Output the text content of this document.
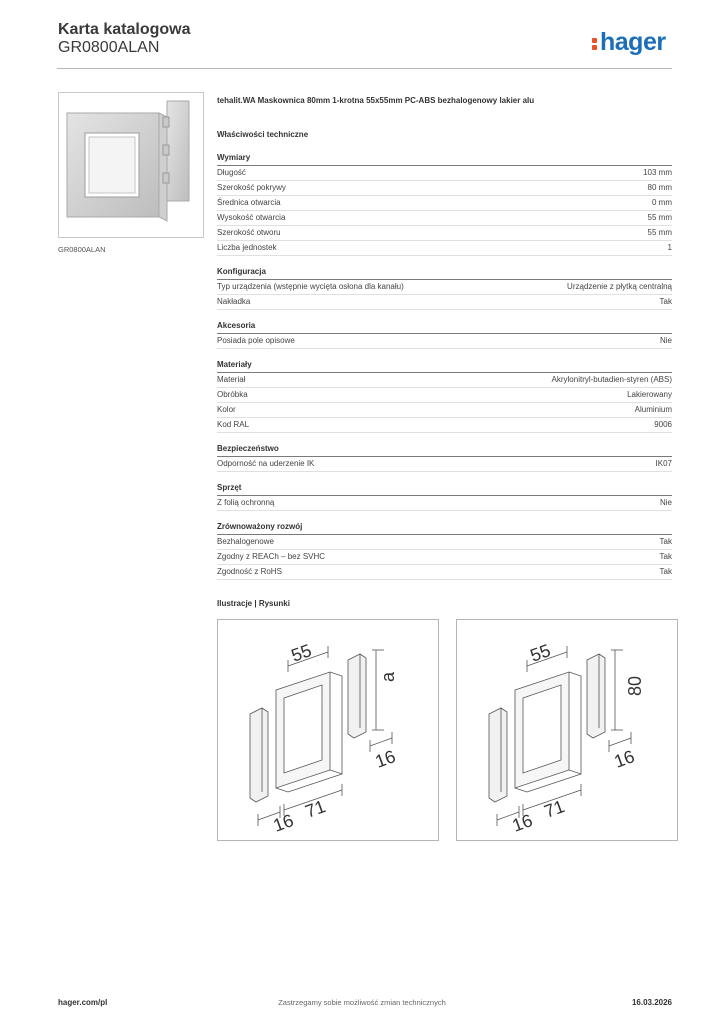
Karta katalogowa
GR0800ALAN	hager
GR0800ALAN
tehalit.WA Maskownica 80mm 1-krotna 55x55mm PC-ABS bezhalogenowy lakier alu
Właściwości techniczne
Wymiary
Długość	103 mm
Szerokość pokrywy	80 mm
Średnica otwarcia	0 mm
Wysokość otwarcia	55 mm
Szerokość otworu	55 mm
Liczba jednostek	1
Konfiguracja
Typ urządzenia (wstępnie wycięta osłona dla kanału)	Urządzenie z płytką centralną
Nakładka	Tak
Akcesoria
Posiada pole opisowe	Nie
Materiały
Materiał	Akrylonitryl-butadien-styren (ABS)
Obróbka	Lakierowany
Kolor	Aluminium
Kod RAL	9006
Bezpieczeństwo
Odporność na uderzenie IK	IK07
Sprzęt
Z folią ochronną	Nie
Zrównoważony rozwój
Bezhalogenowe	Tak
Zgodny z REACh – bez SVHC	Tak
Zgodność z RoHS	Tak
Ilustracje | Rysunki
55
a
16
71
16
55
80
16
71
16
hager.com/pl	Zastrzegamy sobie możliwość zmian technicznych	16.03.2026
